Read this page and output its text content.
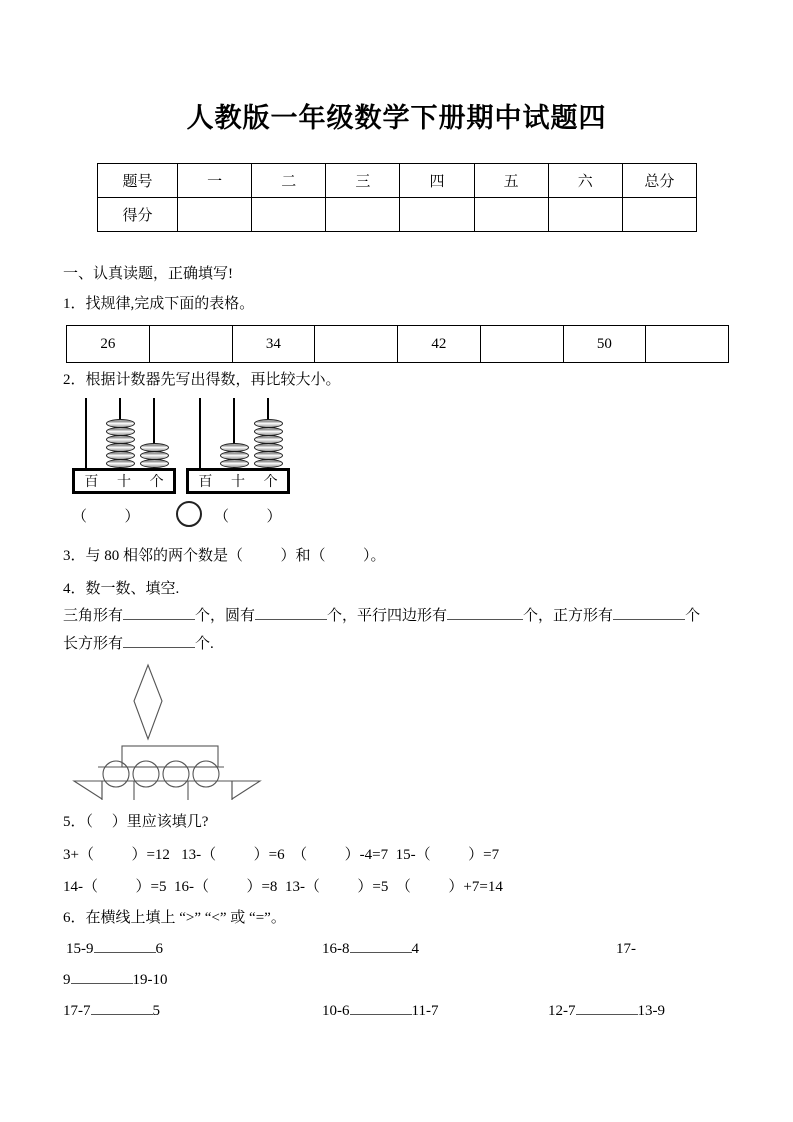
人教版一年级数学下册期中试题四
题号	一	二	三	四	五	六	总分
得分							
一、认真读题，正确填写!
1．找规律,完成下面的表格。
26		34		42		50	
2．根据计数器先写出得数，再比较大小。
百 十 个 百 十 个
（          ）	（          ）
3．与 80 相邻的两个数是（          ）和（          ）。
4．数一数、填空.
三角形有	个，圆有	个，平行四边形有	个，正方形有	个
长方形有	个.
5．（     ）里应该填几?
3+（          ）=12 13-（          ）=6 （          ）-4=7 15-（          ）=7
14-（          ）=5 16-（          ）=8 13-（          ）=5 （          ）+7=14
6．在横线上填上 “>” “<” 或 “=”。
15-9	6	16-8	4	17-
9	19-10
17-7	5	10-6	11-7	12-7	13-9
